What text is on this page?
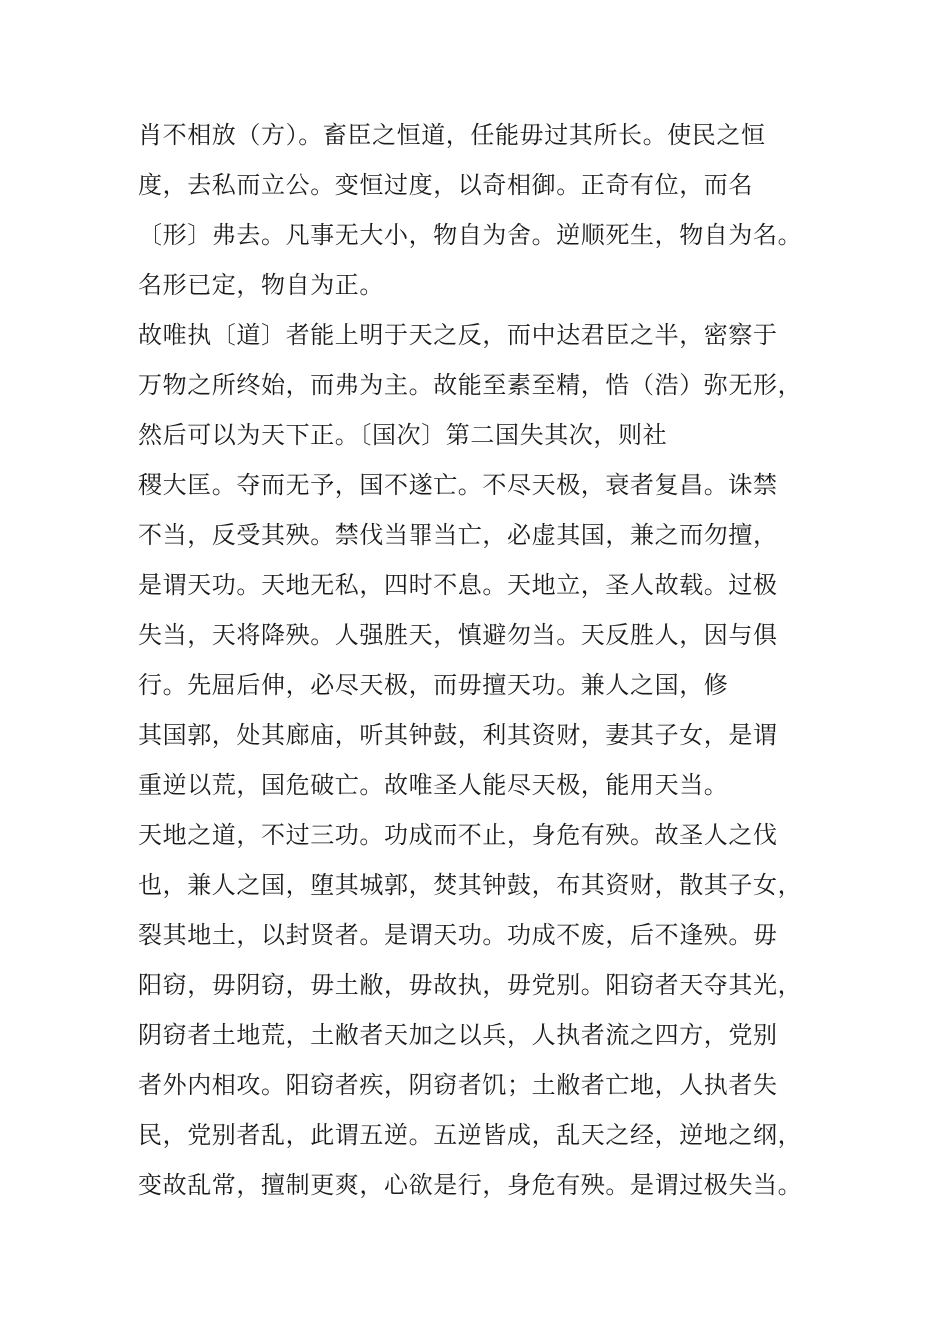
肖不相放（方）。畜臣之恒道，任能毋过其所长。使民之恒
度，去私而立公。变恒过度，以奇相御。正奇有位，而名
〔形〕弗去。凡事无大小，物自为舍。逆顺死生，物自为名。
名形已定，物自为正。
故唯执〔道〕者能上明于天之反，而中达君臣之半，密察于
万物之所终始，而弗为主。故能至素至精，悎（浩）弥无形，
然后可以为天下正。〔国次〕第二国失其次，则社
稷大匡。夺而无予，国不遂亡。不尽天极，衰者复昌。诛禁
不当，反受其殃。禁伐当罪当亡，必虚其国，兼之而勿擅，
是谓天功。天地无私，四时不息。天地立，圣人故载。过极
失当，天将降殃。人强胜天，慎避勿当。天反胜人，因与俱
行。先屈后伸，必尽天极，而毋擅天功。兼人之国，修
其国郭，处其廊庙，听其钟鼓，利其资财，妻其子女，是谓
重逆以荒，国危破亡。故唯圣人能尽天极，能用天当。
天地之道，不过三功。功成而不止，身危有殃。故圣人之伐
也，兼人之国，堕其城郭，焚其钟鼓，布其资财，散其子女，
裂其地土，以封贤者。是谓天功。功成不废，后不逢殃。毋
阳窃，毋阴窃，毋土敝，毋故执，毋党别。阳窃者天夺其光，
阴窃者土地荒，土敝者天加之以兵，人执者流之四方，党别
者外内相攻。阳窃者疾，阴窃者饥；土敝者亡地，人执者失
民，党别者乱，此谓五逆。五逆皆成，乱天之经，逆地之纲，
变故乱常，擅制更爽，心欲是行，身危有殃。是谓过极失当。
